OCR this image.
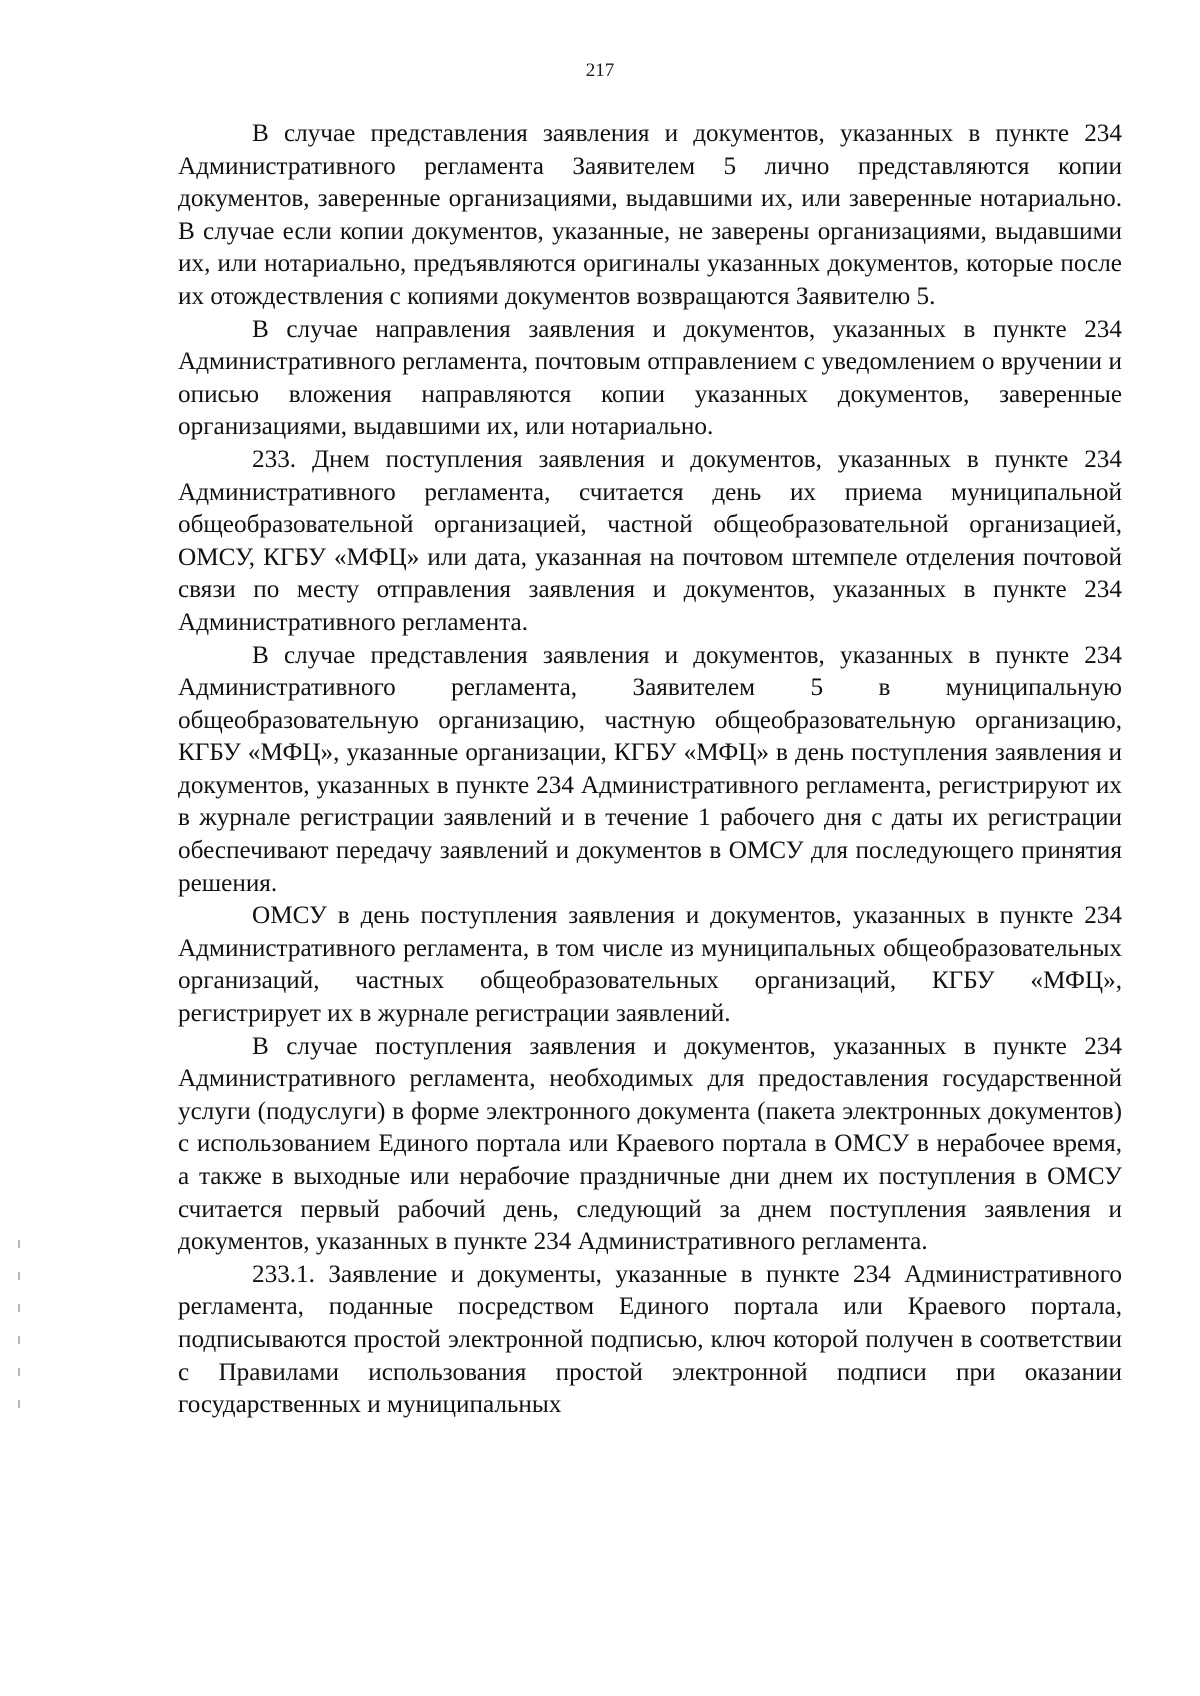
217

В случае представления заявления и документов, указанных в пункте 234 Административного регламента Заявителем 5 лично представляются копии документов, заверенные организациями, выдавшими их, или заверенные нотариально. В случае если копии документов, указанные, не заверены организациями, выдавшими их, или нотариально, предъявляются оригиналы указанных документов, которые после их отождествления с копиями документов возвращаются Заявителю 5.

В случае направления заявления и документов, указанных в пункте 234 Административного регламента, почтовым отправлением с уведомлением о вручении и описью вложения направляются копии указанных документов, заверенные организациями, выдавшими их, или нотариально.

233. Днем поступления заявления и документов, указанных в пункте 234 Административного регламента, считается день их приема муниципальной общеобразовательной организацией, частной общеобразовательной организацией, ОМСУ, КГБУ «МФЦ» или дата, указанная на почтовом штемпеле отделения почтовой связи по месту отправления заявления и документов, указанных в пункте 234 Административного регламента.

В случае представления заявления и документов, указанных в пункте 234 Административного регламента, Заявителем 5 в муниципальную общеобразовательную организацию, частную общеобразовательную организацию, КГБУ «МФЦ», указанные организации, КГБУ «МФЦ» в день поступления заявления и документов, указанных в пункте 234 Административного регламента, регистрируют их в журнале регистрации заявлений и в течение 1 рабочего дня с даты их регистрации обеспечивают передачу заявлений и документов в ОМСУ для последующего принятия решения.

ОМСУ в день поступления заявления и документов, указанных в пункте 234 Административного регламента, в том числе из муниципальных общеобразовательных организаций, частных общеобразовательных организаций, КГБУ «МФЦ», регистрирует их в журнале регистрации заявлений.

В случае поступления заявления и документов, указанных в пункте 234 Административного регламента, необходимых для предоставления государственной услуги (подуслуги) в форме электронного документа (пакета электронных документов) с использованием Единого портала или Краевого портала в ОМСУ в нерабочее время, а также в выходные или нерабочие праздничные дни днем их поступления в ОМСУ считается первый рабочий день, следующий за днем поступления заявления и документов, указанных в пункте 234 Административного регламента.

233.1. Заявление и документы, указанные в пункте 234 Административного регламента, поданные посредством Единого портала или Краевого портала, подписываются простой электронной подписью, ключ которой получен в соответствии с Правилами использования простой электронной подписи при оказании государственных и муниципальных
